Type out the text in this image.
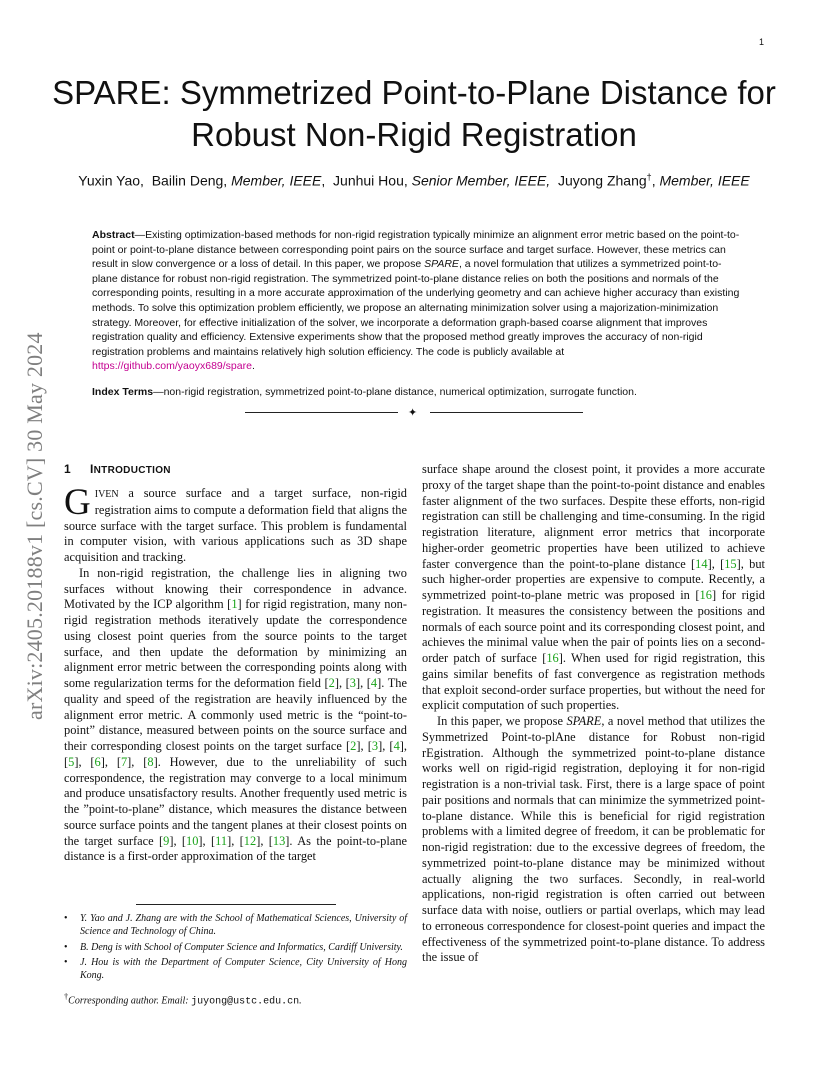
1
arXiv:2405.20188v1 [cs.CV] 30 May 2024
SPARE: Symmetrized Point-to-Plane Distance for
Robust Non-Rigid Registration
Yuxin Yao, Bailin Deng, Member, IEEE,  Junhui Hou, Senior Member, IEEE, Juyong Zhang†, Member, IEEE

Abstract—Existing optimization-based methods for non-rigid registration typically minimize an alignment error metric based on the point-to-point or point-to-plane distance between corresponding point pairs on the source surface and target surface. However, these metrics can result in slow convergence or a loss of detail. In this paper, we propose SPARE, a novel formulation that utilizes a symmetrized point-to-plane distance for robust non-rigid registration. The symmetrized point-to-plane distance relies on both the positions and normals of the corresponding points, resulting in a more accurate approximation of the underlying geometry and can achieve higher accuracy than existing methods. To solve this optimization problem efficiently, we propose an alternating minimization solver using a majorization-minimization strategy. Moreover, for effective initialization of the solver, we incorporate a deformation graph-based coarse alignment that improves registration quality and efficiency. Extensive experiments show that the proposed method greatly improves the accuracy of non-rigid registration problems and maintains relatively high solution efficiency. The code is publicly available at
https://github.com/yaoyx689/spare.

Index Terms—non-rigid registration, symmetrized point-to-plane distance, numerical optimization, surrogate function.

✦
1 INTRODUCTION

GIVEN a source surface and a target surface, non-rigid registration aims to compute a deformation field that aligns the source surface with the target surface. This problem is fundamental in computer vision, with various applications such as 3D shape acquisition and tracking.

In non-rigid registration, the challenge lies in aligning two surfaces without knowing their correspondence in advance. Motivated by the ICP algorithm [1] for rigid registration, many non-rigid registration methods iteratively update the correspondence using closest point queries from the source points to the target surface, and then update the deformation by minimizing an alignment error metric between the corresponding points along with some regularization terms for the deformation field [2], [3], [4]. The quality and speed of the registration are heavily influenced by the alignment error metric. A commonly used metric is the “point-to-point” distance, measured between points on the source surface and their corresponding closest points on the target surface [2], [3], [4], [5], [6], [7], [8]. However, due to the unreliability of such correspondence, the registration may converge to a local minimum and produce unsatisfactory results. Another frequently used metric is the ”point-to-plane” distance, which measures the distance between source surface points and the tangent planes at their closest points on the target surface [9], [10], [11], [12], [13]. As the point-to-plane distance is a first-order approximation of the target

• Y. Yao and J. Zhang are with the School of Mathematical Sciences, University of Science and Technology of China.
• B. Deng is with School of Computer Science and Informatics, Cardiff University.
• J. Hou is with the Department of Computer Science, City University of Hong Kong.
†Corresponding author. Email: juyong@ustc.edu.cn.

surface shape around the closest point, it provides a more accurate proxy of the target shape than the point-to-point distance and enables faster alignment of the two surfaces. Despite these efforts, non-rigid registration can still be challenging and time-consuming. In the rigid registration literature, alignment error metrics that incorporate higher-order geometric properties have been utilized to achieve faster convergence than the point-to-plane distance [14], [15], but such higher-order properties are expensive to compute. Recently, a symmetrized point-to-plane metric was proposed in [16] for rigid registration. It measures the consistency between the positions and normals of each source point and its corresponding closest point, and achieves the minimal value when the pair of points lies on a second-order patch of surface [16]. When used for rigid registration, this gains similar benefits of fast convergence as registration methods that exploit second-order surface properties, but without the need for explicit computation of such properties.

In this paper, we propose SPARE, a novel method that utilizes the Symmetrized Point-to-plAne distance for Robust non-rigid rEgistration. Although the symmetrized point-to-plane distance works well on rigid-rigid registration, deploying it for non-rigid registration is a non-trivial task. First, there is a large space of point pair positions and normals that can minimize the symmetrized point-to-plane distance. While this is beneficial for rigid registration problems with a limited degree of freedom, it can be problematic for non-rigid registration: due to the excessive degrees of freedom, the symmetrized point-to-plane distance may be minimized without actually aligning the two surfaces. Secondly, in real-world applications, non-rigid registration is often carried out between surface data with noise, outliers or partial overlaps, which may lead to erroneous correspondence for closest-point queries and impact the effectiveness of the symmetrized point-to-plane distance. To address the issue of
